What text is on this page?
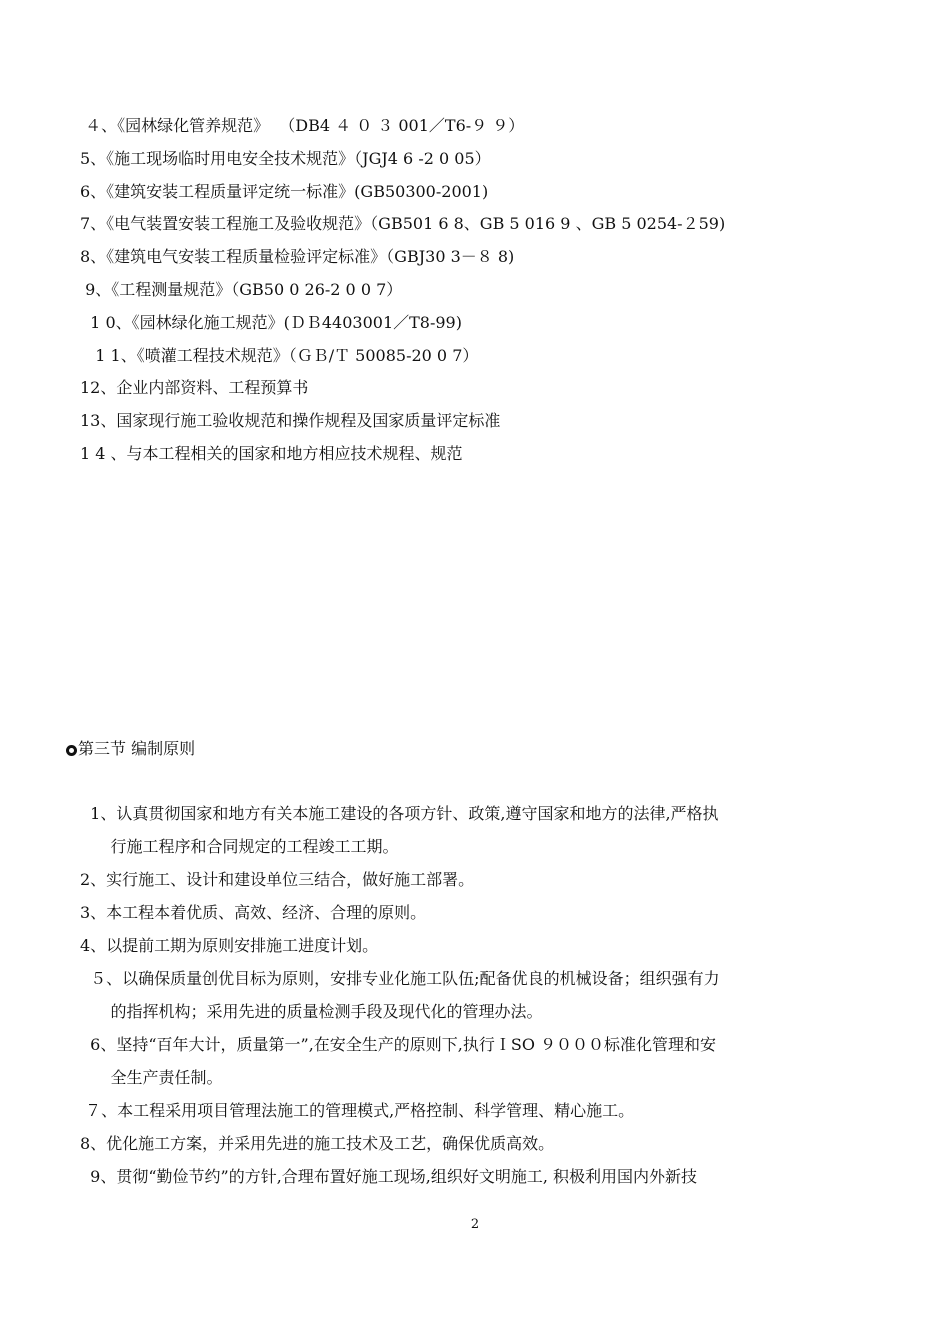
４、《园林绿化管养规范》  （DB4 ４ ０ ３ 001／T6-９ ９）
5、《施工现场临时用电安全技术规范》（JGJ4 6 -2 0 05）
6、《建筑安装工程质量评定统一标准》(GB50300-2001)
7、《电气装置安装工程施工及验收规范》（GB501 6 8、GB 5 016 9 、GB 5 0254-２59)
8、《建筑电气安装工程质量检验评定标准》（GBJ30 3－８ 8)
9、《工程测量规范》（GB50 0 26-2 0 0 7）
1 0、《园林绿化施工规范》(ＤＢ4403001／T8-99)
1 1、《喷灌工程技术规范》（ＧＢ/Ｔ 50085-20 0 7）
12、企业内部资料、工程预算书
13、国家现行施工验收规范和操作规程及国家质量评定标准
1 4 、与本工程相关的国家和地方相应技术规程、规范
第三节 编制原则
1、认真贯彻国家和地方有关本施工建设的各项方针、政策,遵守国家和地方的法律,严格执
行施工程序和合同规定的工程竣工工期。
2、实行施工、设计和建设单位三结合，做好施工部署。
3、本工程本着优质、高效、经济、合理的原则。
4、以提前工期为原则安排施工进度计划。
５、以确保质量创优目标为原则，安排专业化施工队伍;配备优良的机械设备；组织强有力
的指挥机构；采用先进的质量检测手段及现代化的管理办法。
6、坚持“百年大计，质量第一”,在安全生产的原则下,执行ＩSO ９０００标准化管理和安
全生产责任制。
７、本工程采用项目管理法施工的管理模式,严格控制、科学管理、精心施工。
8、优化施工方案，并采用先进的施工技术及工艺，确保优质高效。
9、贯彻“勤俭节约”的方针,合理布置好施工现场,组织好文明施工, 积极利用国内外新技
2
